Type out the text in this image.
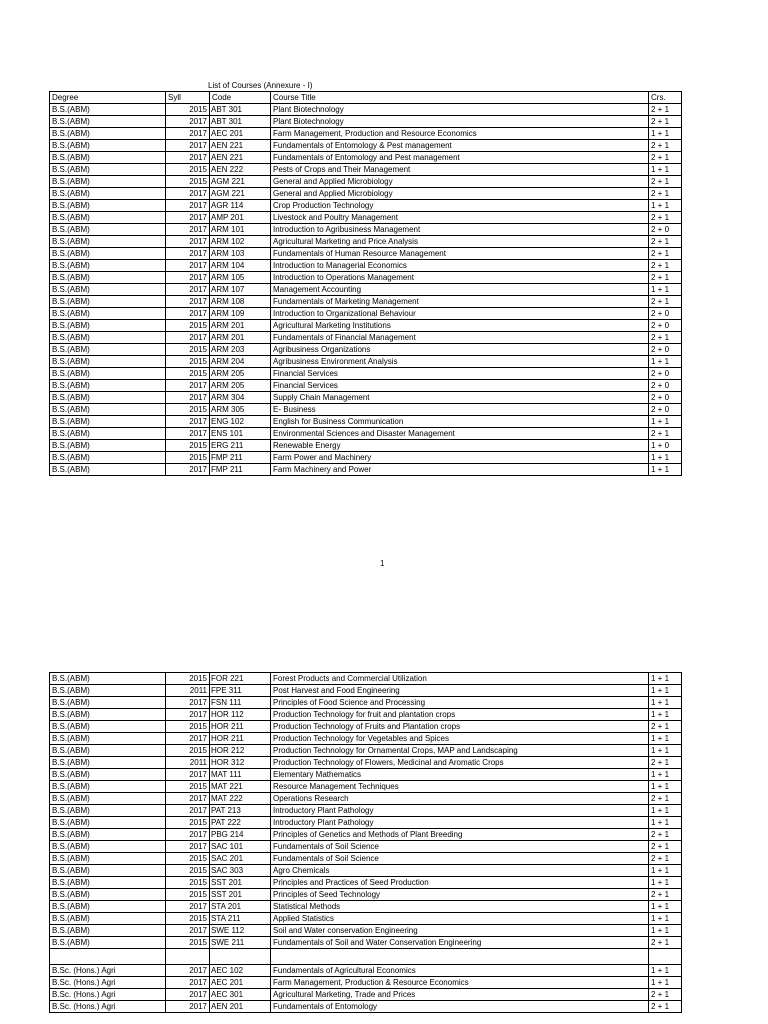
List of Courses (Annexure - I)
Degree	Syll	Code	Course Title	Crs.
B.S.(ABM)	2015	ABT 301	Plant Biotechnology	2 + 1
B.S.(ABM)	2017	ABT 301	Plant Biotechnology	2 + 1
B.S.(ABM)	2017	AEC 201	Farm Management, Production and Resource Economics	1 + 1
B.S.(ABM)	2017	AEN 221	Fundamentals of Entomology & Pest management	2 + 1
B.S.(ABM)	2017	AEN 221	Fundamentals of Entomology and Pest management	2 + 1
B.S.(ABM)	2015	AEN 222	Pests of Crops and Their Management	1 + 1
B.S.(ABM)	2015	AGM 221	General and Applied Microbiology	2 + 1
B.S.(ABM)	2017	AGM 221	General and Applied Microbiology	2 + 1
B.S.(ABM)	2017	AGR 114	Crop Production Technology	1 + 1
B.S.(ABM)	2017	AMP 201	Livestock and Poultry Management	2 + 1
B.S.(ABM)	2017	ARM 101	Introduction to Agribusiness Management	2 + 0
B.S.(ABM)	2017	ARM 102	Agricultural Marketing and Price Analysis	2 + 1
B.S.(ABM)	2017	ARM 103	Fundamentals of Human Resource Management	2 + 1
B.S.(ABM)	2017	ARM 104	Introduction to Managerial Economics	2 + 1
B.S.(ABM)	2017	ARM 105	Introduction to Operations Management	2 + 1
B.S.(ABM)	2017	ARM 107	Management Accounting	1 + 1
B.S.(ABM)	2017	ARM 108	Fundamentals of Marketing Management	2 + 1
B.S.(ABM)	2017	ARM 109	Introduction to Organizational Behaviour	2 + 0
B.S.(ABM)	2015	ARM 201	Agricultural Marketing Institutions	2 + 0
B.S.(ABM)	2017	ARM 201	Fundamentals of Financial Management	2 + 1
B.S.(ABM)	2015	ARM 203	Agribusiness Organizations	2 + 0
B.S.(ABM)	2015	ARM 204	Agribusiness Environment Analysis	1 + 1
B.S.(ABM)	2015	ARM 205	Financial Services	2 + 0
B.S.(ABM)	2017	ARM 205	Financial Services	2 + 0
B.S.(ABM)	2017	ARM 304	Supply Chain Management	2 + 0
B.S.(ABM)	2015	ARM 305	E- Business	2 + 0
B.S.(ABM)	2017	ENG 102	English for Business Communication	1 + 1
B.S.(ABM)	2017	ENS 101	Environmental Sciences and Disaster Management	2 + 1
B.S.(ABM)	2015	ERG 211	Renewable Energy	1 + 0
B.S.(ABM)	2015	FMP 211	Farm Power and Machinery	1 + 1
B.S.(ABM)	2017	FMP 211	Farm Machinery and Power	1 + 1
1
B.S.(ABM)	2015	FOR 221	Forest Products and Commercial Utilization	1 + 1
B.S.(ABM)	2011	FPE 311	Post Harvest and Food Engineering	1 + 1
B.S.(ABM)	2017	FSN 111	Principles of Food Science and Processing	1 + 1
B.S.(ABM)	2017	HOR 112	Production Technology for fruit and plantation crops	1 + 1
B.S.(ABM)	2015	HOR 211	Production Technology of Fruits and Plantation crops	2 + 1
B.S.(ABM)	2017	HOR 211	Production Technology for Vegetables and Spices	1 + 1
B.S.(ABM)	2015	HOR 212	Production Technology for Ornamental Crops, MAP and Landscaping	1 + 1
B.S.(ABM)	2011	HOR 312	Production Technology of Flowers, Medicinal and Aromatic Crops	2 + 1
B.S.(ABM)	2017	MAT 111	Elementary Mathematics	1 + 1
B.S.(ABM)	2015	MAT 221	Resource Management Techniques	1 + 1
B.S.(ABM)	2017	MAT 222	Operations Research	2 + 1
B.S.(ABM)	2017	PAT 213	Introductory Plant Pathology	1 + 1
B.S.(ABM)	2015	PAT 222	Introductory Plant Pathology	1 + 1
B.S.(ABM)	2017	PBG 214	Principles of Genetics and Methods of Plant Breeding	2 + 1
B.S.(ABM)	2017	SAC 101	Fundamentals of Soil Science	2 + 1
B.S.(ABM)	2015	SAC 201	Fundamentals of Soil Science	2 + 1
B.S.(ABM)	2015	SAC 303	Agro Chemicals	1 + 1
B.S.(ABM)	2015	SST 201	Principles and Practices of Seed Production	1 + 1
B.S.(ABM)	2015	SST 201	Principles of Seed Technology	2 + 1
B.S.(ABM)	2017	STA 201	Statistical Methods	1 + 1
B.S.(ABM)	2015	STA 211	Applied Statistics	1 + 1
B.S.(ABM)	2017	SWE 112	Soil and Water conservation Engineering	1 + 1
B.S.(ABM)	2015	SWE 211	Fundamentals of Soil and Water Conservation Engineering	2 + 1

B.Sc. (Hons.) Agri	2017	AEC 102	Fundamentals of Agricultural Economics	1 + 1
B.Sc. (Hons.) Agri	2017	AEC 201	Farm Management, Production & Resource Economics	1 + 1
B.Sc. (Hons.) Agri	2017	AEC 301	Agricultural Marketing, Trade and Prices	2 + 1
B.Sc. (Hons.) Agri	2017	AEN 201	Fundamentals of Entomology	2 + 1
